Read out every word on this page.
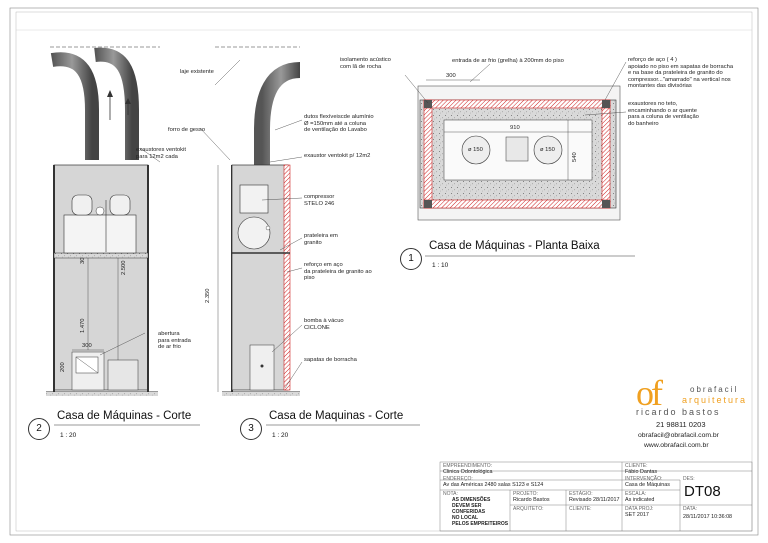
exaustores ventokit
para 12m2 cada
forro de gesso
abertura
para entrada
de ar frio
2.500
1.470
30
300
200
laje existente
dutos flexíveiscde alumínio
Ø =150mm até a coluna
de ventilação do Lavabo
exaustor ventokit p/ 12m2
compressor
STELO 246
prateleira em
granito
reforço em aço
da prateleira de granito ao
piso
bomba à vácuo
CICLONE
sapatas de borracha
2.350
isolamento acústico
com lã de rocha
entrada de ar frio (grelha) à 200mm do piso	reforço de aço ( 4 )
apoiado no piso em sapatas de borracha
e na base da prateleira de granito do
compressor..."amarrado" na vertical nos
montantes das divisórias
exaustores no teto,
encaminhando o ar quente
para a coluna de ventilação
do banheiro
300
910
ø 150	ø 150
540
2
Casa de Máquinas - Corte
1 : 20
3
Casa de Maquinas - Corte
1 : 20
1
Casa de Máquinas - Planta Baixa
1 : 10
of	obrafacil
arquitetura
ricardo bastos
21 98811 0203
obrafacil@obrafacil.com.br
www.obrafacil.com.br
EMPREENDIMENTO:
Clinica Odontológica
CLIENTE:
Fábio Dantas
ENDEREÇO:
Av das Américas 2480 salas S123 e S124
INTERVENÇÃO:
Casa de Máquinas
DES:
DT08
NOTA:
AS DIMENSÕES
DEVEM SER
CONFERIDAS
NO LOCAL
PELOS EMPREITEIROS
PROJETO:
Ricardo Bastos
ESTÁGIO:
Revisado 28/11/2017
ESCALA:
As indicated
ARQUITETO:	CLIENTE:	DATA PROJ:
SET 2017
DATA:
28/11/2017 10:36:08
